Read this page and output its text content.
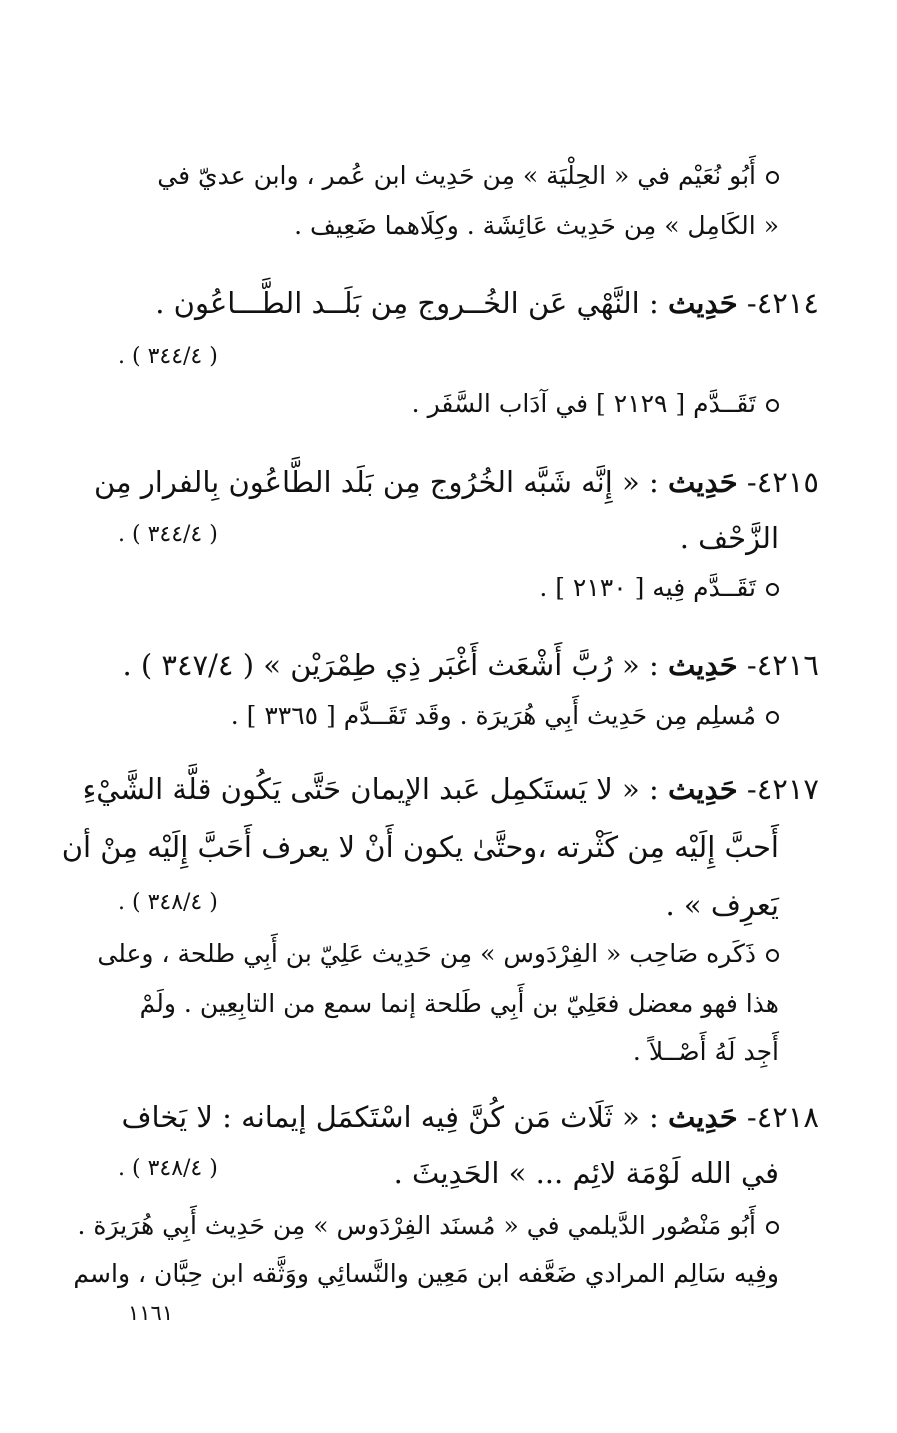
أَبُو نُعَيْم في « الحِلْيَة » مِن حَدِيث ابن عُمر ، وابن عديّ في
« الكَامِل » مِن حَدِيث عَائِشَة . وكِلَاهما ضَعِيف .
٤٢١٤- حَدِيث : النَّهْي عَن الخُــروج مِن بَلَــد الطَّـــاعُون .
( ٣٤٤/٤ ) .
تَقَــدَّم [ ٢١٢٩ ] في آدَاب السَّفَر .
٤٢١٥- حَدِيث : « إِنَّه شَبَّه الخُرُوج مِن بَلَد الطَّاعُون بِالفرار مِن
الزَّحْف .
( ٣٤٤/٤ ) .
تَقَــدَّم فِيه [ ٢١٣٠ ] .
٤٢١٦- حَدِيث : « رُبَّ أَشْعَث أَغْبَر ذِي طِمْرَيْن » ( ٣٤٧/٤ ) .
مُسلِم مِن حَدِيث أَبِي هُرَيرَة . وقَد تَقَــدَّم [ ٣٣٦٥ ] .
٤٢١٧- حَدِيث : « لا يَستَكمِل عَبد الإيمان حَتَّى يَكُون قلَّة الشَّيْءِ
أَحبَّ إِلَيْه مِن كَثْرته ،وحتَّىٰ يكون أَنْ لا يعرف أَحَبَّ إِلَيْه مِنْ أن
يَعرِف » .
( ٣٤٨/٤ ) .
ذَكَره صَاحِب « الفِرْدَوس » مِن حَدِيث عَلِيّ بن أَبِي طلحة ، وعلى
هذا فهو معضل فعَلِيّ بن أَبِي طَلحة إنما سمع من التابِعِين . ولَمْ
أَجِد لَهُ أَصْــلاً .
٤٢١٨- حَدِيث : « ثَلَاث مَن كُنَّ فِيه اسْتَكمَل إيمانه : لا يَخاف
في الله لَوْمَة لائِم ... » الحَدِيثَ .
( ٣٤٨/٤ ) .
أَبُو مَنْصُور الدَّيلمي في « مُسنَد الفِرْدَوس » مِن حَدِيث أَبِي هُرَيرَة .
وفِيه سَالِم المرادي ضَعَّفه ابن مَعِين والنَّسائِي ووَثَّقه ابن حِبَّان ، واسم
١١٦١
